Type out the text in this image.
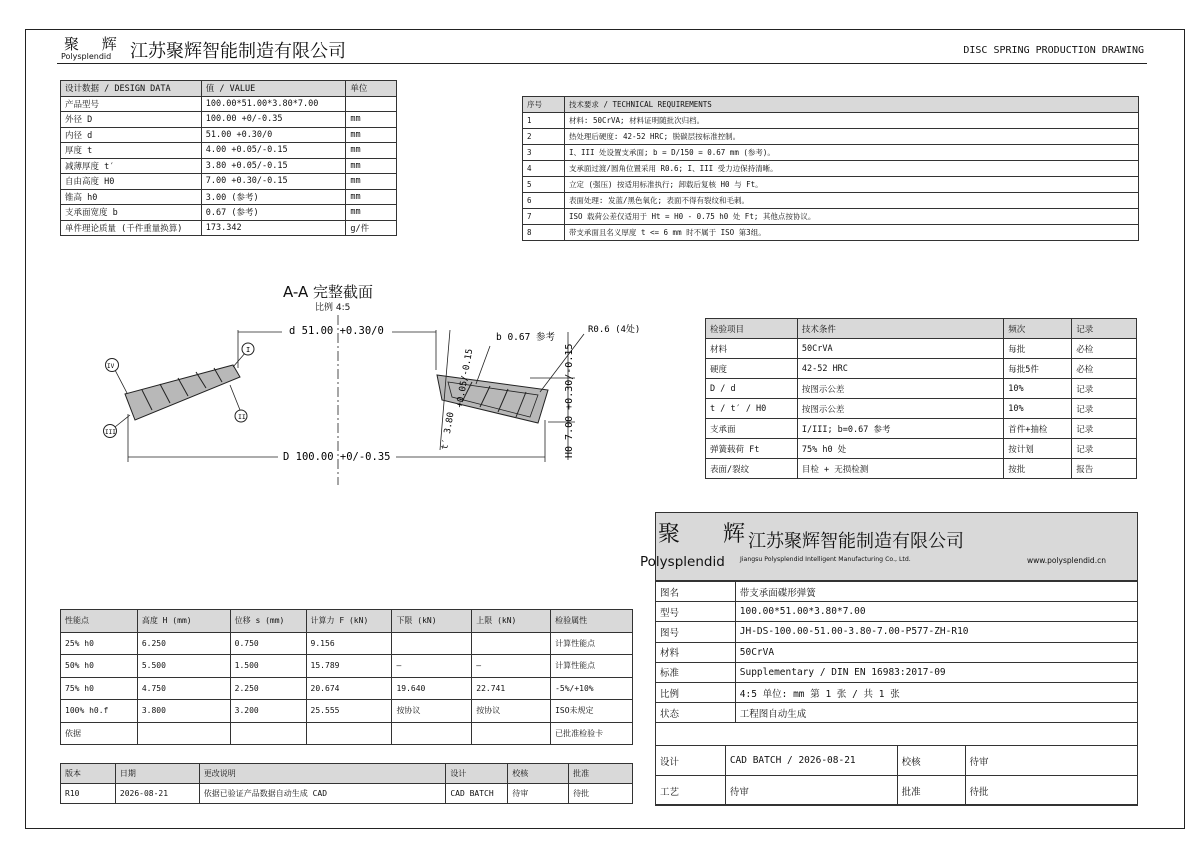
聚 辉
Polysplendid 江苏聚辉智能制造有限公司	DISC SPRING PRODUCTION DRAWING
设计数据 / DESIGN DATA	值 / VALUE	单位
产品型号	100.00*51.00*3.80*7.00	
外径 D	100.00 +0/-0.35	mm
内径 d	51.00 +0.30/0	mm
厚度 t	4.00 +0.05/-0.15	mm
减薄厚度 t′	3.80 +0.05/-0.15	mm
自由高度 H0	7.00 +0.30/-0.15	mm
锥高 h0	3.00 (参考)	mm
支承面宽度 b	0.67 (参考)	mm
单件理论质量 (千件重量换算)	173.342	g/件
序号	技术要求 / TECHNICAL REQUIREMENTS
1	材料: 50CrVA; 材料证明随批次归档。
2	热处理后硬度: 42-52 HRC; 脱碳层按标准控制。
3	I、III 处设置支承面; b = D/150 = 0.67 mm (参考)。
4	支承面过渡/圆角位置采用 R0.6; I、III 受力边保持清晰。
5	立定 (强压) 按适用标准执行; 卸载后复核 H0 与 Ft。
6	表面处理: 发蓝/黑色氧化; 表面不得有裂纹和毛刺。
7	ISO 载荷公差仅适用于 Ht = H0 - 0.75 h0 处 Ft; 其他点按协议。
8	带支承面且名义厚度 t <= 6 mm 时不属于 ISO 第3组。
A-A 完整截面
比例 4:5
d 51.00 +0.30/0
D 100.00 +0/-0.35	H0 7.00 +0.30/-0.15
+0.05/-0.15
t′ 3.80
b 0.67 参考
R0.6 (4处)
I
II
III
IV
检验项目	技术条件	频次	记录
材料	50CrVA	每批	必检
硬度	42-52 HRC	每批5件	必检
D / d	按图示公差	10%	记录
t / t′ / H0	按图示公差	10%	记录
支承面	I/III; b=0.67 参考	首件+抽检	记录
弹簧载荷 Ft	75% h0 处	按计划	记录
表面/裂纹	目检 + 无损检测	按批	报告
性能点	高度 H (mm)	位移 s (mm)	计算力 F (kN)	下限 (kN)	上限 (kN)	检验属性
25% h0	6.250	0.750	9.156			计算性能点
50% h0	5.500	1.500	15.789	—	—	计算性能点
75% h0	4.750	2.250	20.674	19.640	22.741	-5%/+10%
100% h0.f	3.800	3.200	25.555	按协议	按协议	ISO未规定
依据						已批准检验卡
版本	日期	更改说明	设计	校核	批准
R10	2026-08-21	依据已验证产品数据自动生成 CAD	CAD BATCH	待审	待批
聚 辉
Polysplendid
江苏聚辉智能制造有限公司
Jiangsu Polysplendid Intelligent Manufacturing Co., Ltd.	www.polysplendid.cn
图名	带支承面碟形弹簧
型号	100.00*51.00*3.80*7.00
图号	JH-DS-100.00-51.00-3.80-7.00-P577-ZH-R10
材料	50CrVA
标准	Supplementary / DIN EN 16983:2017-09
比例	4:5 单位: mm 第 1 张 / 共 1 张
状态	工程图自动生成
设计	CAD BATCH / 2026-08-21	校核	待审
工艺	待审	批准	待批
